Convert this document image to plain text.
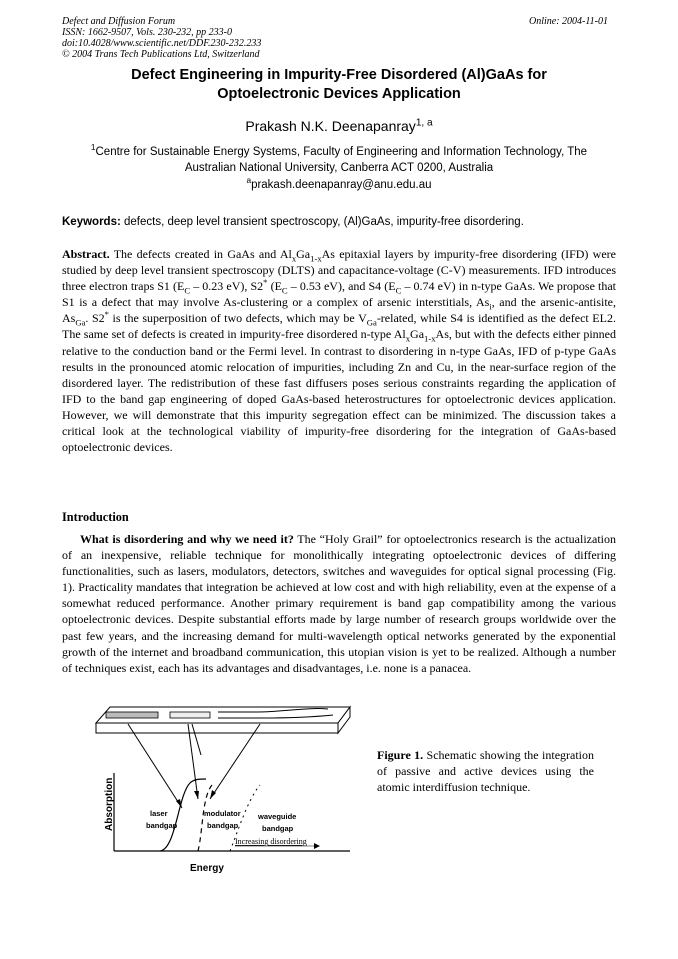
Defect and Diffusion Forum
ISSN: 1662-9507, Vols. 230-232, pp 233-0
doi:10.4028/www.scientific.net/DDF.230-232.233
© 2004 Trans Tech Publications Ltd, Switzerland
Online: 2004-11-01
Defect Engineering in Impurity-Free Disordered (Al)GaAs for
Optoelectronic Devices Application
Prakash N.K. Deenapanray$^{1, a}$
$^1$Centre for Sustainable Energy Systems, Faculty of Engineering and Information Technology, The
Australian National University, Canberra ACT 0200, Australia
$^a$prakash.deenapanray@anu.edu.au
Keywords: defects, deep level transient spectroscopy, (Al)GaAs, impurity-free disordering.
Abstract. The defects created in GaAs and $Al_xGa_{1-x}As$ epitaxial layers by impurity-free disordering (IFD) were studied by deep level transient spectroscopy (DLTS) and capacitance-voltage (C-V) measurements. IFD introduces three electron traps S1 ($E_C - 0.23$ eV), S2* ($E_C - 0.53$ eV), and S4 ($E_C - 0.74$ eV) in n-type GaAs. We propose that S1 is a defect that may involve As-clustering or a complex of arsenic interstitials, $As_i$, and the arsenic-antisite, $As_{Ga}$. S2* is the superposition of two defects, which may be $V_{Ga}$-related, while S4 is identified as the defect EL2. The same set of defects is created in impurity-free disordered n-type $Al_xGa_{1-x}As$, but with the defects either pinned relative to the conduction band or the Fermi level. In contrast to disordering in n-type GaAs, IFD of p-type GaAs results in the pronounced atomic relocation of impurities, including Zn and Cu, in the near-surface region of the disordered layer. The redistribution of these fast diffusers poses serious constraints regarding the application of IFD to the band gap engineering of doped GaAs-based heterostructures for optoelectronic devices application. However, we will demonstrate that this impurity segregation effect can be minimized. The discussion takes a critical look at the technological viability of impurity-free disordering for the integration of GaAs-based optoelectronic devices.
Introduction
What is disordering and why we need it? The “Holy Grail” for optoelectronics research is the actualization of an inexpensive, reliable technique for monolithically integrating optoelectronic devices of differing functionalities, such as lasers, modulators, detectors, switches and waveguides for optical signal processing (Fig. 1). Practicality mandates that integration be achieved at low cost and with high reliability, even at the expense of a somewhat reduced performance. Another primary requirement is band gap compatibility among the various optoelectronic devices. Despite substantial efforts made by large number of research groups worldwide over the past few years, and the increasing demand for multi-wavelength optical networks generated by the exponential growth of the internet and broadband communication, this utopian vision is yet to be realized. Although a number of techniques exist, each has its advantages and disadvantages, i.e. none is a panacea.
Absorption
Energy
laser
bandgap
modulator
bandgap
waveguide
bandgap
Increasing disordering
Figure 1. Schematic showing the integration of passive and active devices using the atomic interdiffusion technique.
